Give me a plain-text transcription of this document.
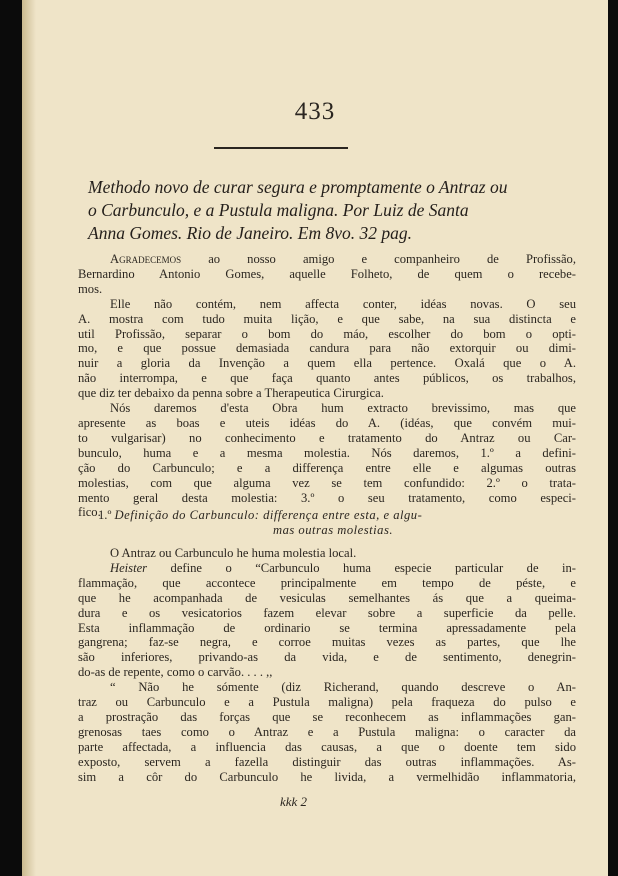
433
Methodo novo de curar segura e promptamente o Antraz ou
o Carbunculo, e a Pustula maligna. Por Luiz de Santa
Anna Gomes. Rio de Janeiro. Em 8vo. 32 pag.
Agradecemos ao nosso amigo e companheiro de Profissão,
Bernardino Antonio Gomes, aquelle Folheto, de quem o recebe-
mos.
Elle não contém, nem affecta conter, idéas novas. O seu
A. mostra com tudo muita lição, e que sabe, na sua distincta e
util Profissão, separar o bom do máo, escolher do bom o opti-
mo, e que possue demasiada candura para não extorquir ou dimi-
nuir a gloria da Invenção a quem ella pertence. Oxalá que o A.
não interrompa, e que faça quanto antes públicos, os trabalhos,
que diz ter debaixo da penna sobre a Therapeutica Cirurgica.
Nós daremos d'esta Obra hum extracto brevissimo, mas que
apresente as boas e uteis idéas do A. (idéas, que convém mui-
to vulgarisar) no conhecimento e tratamento do Antraz ou Car-
bunculo, huma e a mesma molestia. Nós daremos, 1.º a defini-
ção do Carbunculo; e a differença entre elle e algumas outras
molestias, com que alguma vez se tem confundido: 2.º o trata-
mento geral desta molestia: 3.º o seu tratamento, como especi-
fico.
1.º Definição do Carbunculo: differença entre esta, e algu-
mas outras molestias.
O Antraz ou Carbunculo he huma molestia local.
Heister define o “Carbunculo huma especie particular de in-
flammação, que accontece principalmente em tempo de péste, e
que he acompanhada de vesiculas semelhantes ás que a queima-
dura e os vesicatorios fazem elevar sobre a superficie da pelle.
Esta inflammação de ordinario se termina apressadamente pela
gangrena; faz-se negra, e corroe muitas vezes as partes, que lhe
são inferiores, privando-as da vida, e de sentimento, denegrin-
do-as de repente, como o carvão. . . . ,,
“ Não he sómente (diz Richerand, quando descreve o An-
traz ou Carbunculo e a Pustula maligna) pela fraqueza do pulso e
a prostração das forças que se reconhecem as inflammações gan-
grenosas taes como o Antraz e a Pustula maligna: o caracter da
parte affectada, a influencia das causas, a que o doente tem sido
exposto, servem a fazella distinguir das outras inflammações. As-
sim a côr do Carbunculo he livida, a vermelhidão inflammatoria,
kkk 2
